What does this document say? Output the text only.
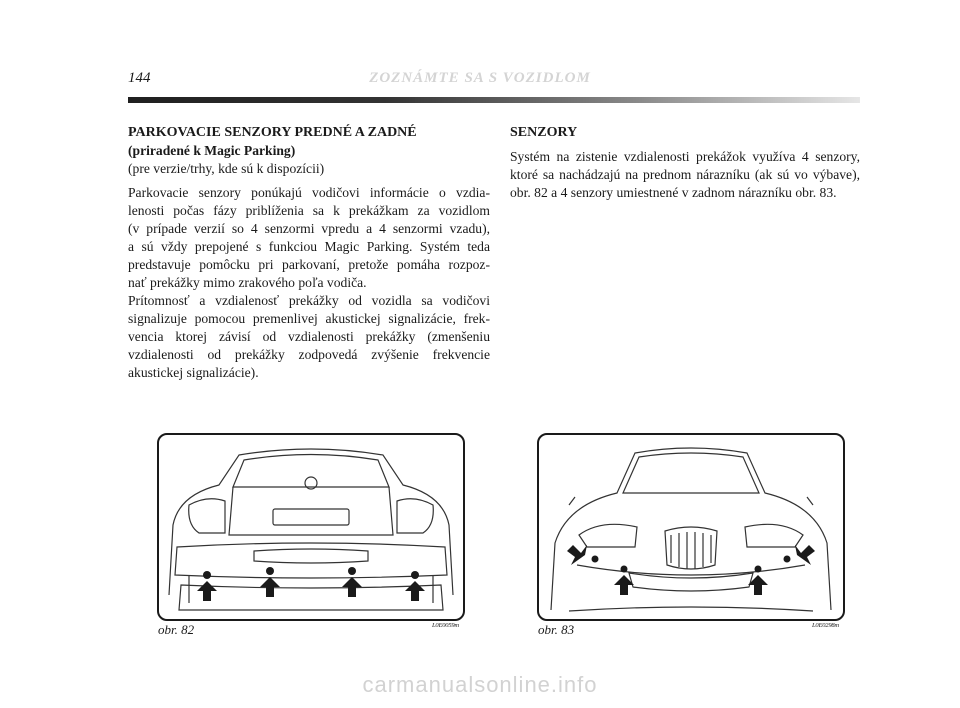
144	ZOZNÁMTE SA S VOZIDLOM
PARKOVACIE SENZORY PREDNÉ A ZADNÉ
(priradené k Magic Parking)
(pre verzie/trhy, kde sú k dispozícii)
Parkovacie senzory ponúkajú vodičovi informácie o vzdia-
lenosti počas fázy priblíženia sa k prekážkam za vozidlom
(v prípade verzií so 4 senzormi vpredu a 4 senzormi vzadu),
a sú vždy prepojené s funkciou Magic Parking. Systém teda
predstavuje pomôcku pri parkovaní, pretože pomáha rozpoz-
nať prekážky mimo zrakového poľa vodiča.
Prítomnosť a vzdialenosť prekážky od vozidla sa vodičovi
signalizuje pomocou premenlivej akustickej signalizácie, frek-
vencia ktorej závisí od vzdialenosti prekážky (zmenšeniu
vzdialenosti od prekážky zodpovedá zvýšenie frekvencie
akustickej signalizácie).
SENZORY
Systém na zistenie vzdialenosti prekážok využíva 4 senzory,
ktoré sa nachádzajú na prednom nárazníku (ak sú vo výbave),
obr. 82 a 4 senzory umiestnené v zadnom nárazníku obr. 83.
obr. 82	L0E0059m	obr. 83	L0E0298m
carmanualsonline.info
